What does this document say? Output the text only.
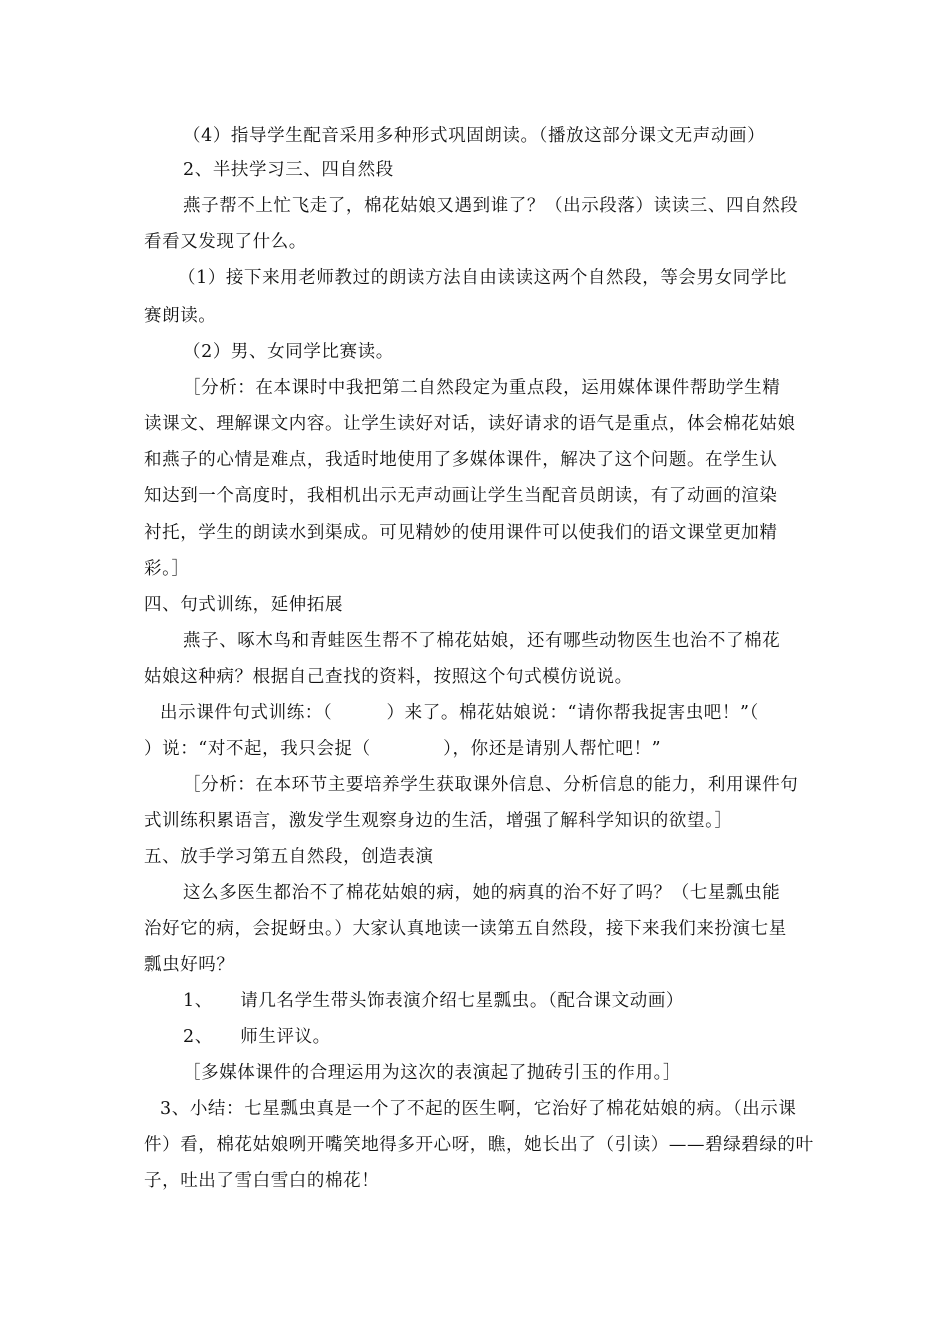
（4）指导学生配音采用多种形式巩固朗读。（播放这部分课文无声动画）
2、半扶学习三、四自然段
燕子帮不上忙飞走了，棉花姑娘又遇到谁了？（出示段落）读读三、四自然段
看看又发现了什么。
（1）接下来用老师教过的朗读方法自由读读这两个自然段，等会男女同学比
赛朗读。
（2）男、女同学比赛读。
［分析：在本课时中我把第二自然段定为重点段，运用媒体课件帮助学生精
读课文、理解课文内容。让学生读好对话，读好请求的语气是重点，体会棉花姑娘
和燕子的心情是难点，我适时地使用了多媒体课件，解决了这个问题。在学生认
知达到一个高度时，我相机出示无声动画让学生当配音员朗读，有了动画的渲染
衬托，学生的朗读水到渠成。可见精妙的使用课件可以使我们的语文课堂更加精
彩。］
四、句式训练，延伸拓展
燕子、啄木鸟和青蛙医生帮不了棉花姑娘，还有哪些动物医生也治不了棉花
姑娘这种病？根据自己查找的资料，按照这个句式模仿说说。
出示课件句式训练：（　　　）来了。棉花姑娘说：“请你帮我捉害虫吧！”（
）说：“对不起，我只会捉（　　　　），你还是请别人帮忙吧！”
［分析：在本环节主要培养学生获取课外信息、分析信息的能力，利用课件句
式训练积累语言，激发学生观察身边的生活，增强了解科学知识的欲望。］
五、放手学习第五自然段，创造表演
这么多医生都治不了棉花姑娘的病，她的病真的治不好了吗？（七星瓢虫能
治好它的病，会捉蚜虫。）大家认真地读一读第五自然段，接下来我们来扮演七星
瓢虫好吗？
1、　　请几名学生带头饰表演介绍七星瓢虫。（配合课文动画）
2、　　师生评议。
［多媒体课件的合理运用为这次的表演起了抛砖引玉的作用。］
3、小结：七星瓢虫真是一个了不起的医生啊，它治好了棉花姑娘的病。（出示课
件）看，棉花姑娘咧开嘴笑地得多开心呀，瞧，她长出了（引读）——碧绿碧绿的叶
子，吐出了雪白雪白的棉花！
